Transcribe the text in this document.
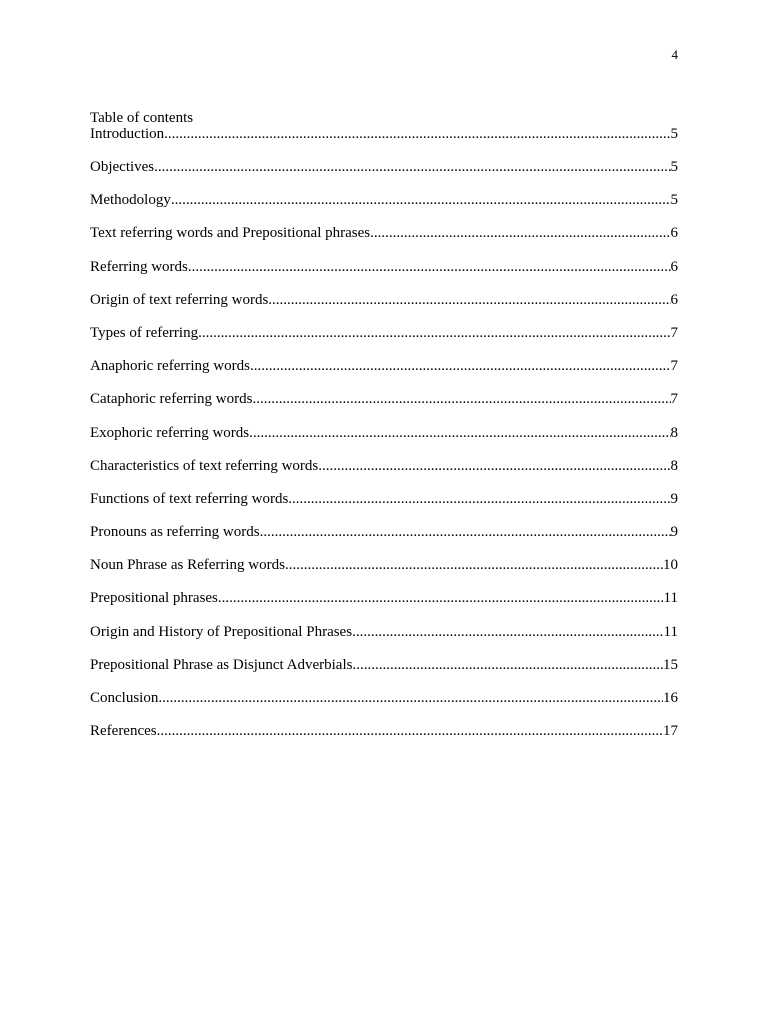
4
Table of contents
Introduction .....	5
Objectives .....	5
Methodology .....	5
Text referring words and Prepositional phrases .....	6
Referring words .....	6
Origin of text referring words .....	6
Types of referring .....	7
Anaphoric referring words .....	7
Cataphoric referring words .....	7
Exophoric referring words .....	8
Characteristics of text referring words .....	8
Functions of text referring words .....	9
Pronouns as referring words .....	9
Noun Phrase as Referring words .....	10
Prepositional phrases .....	11
Origin and History of Prepositional Phrases .....	11
Prepositional Phrase as Disjunct Adverbials .....	15
Conclusion .....	16
References .....	17
